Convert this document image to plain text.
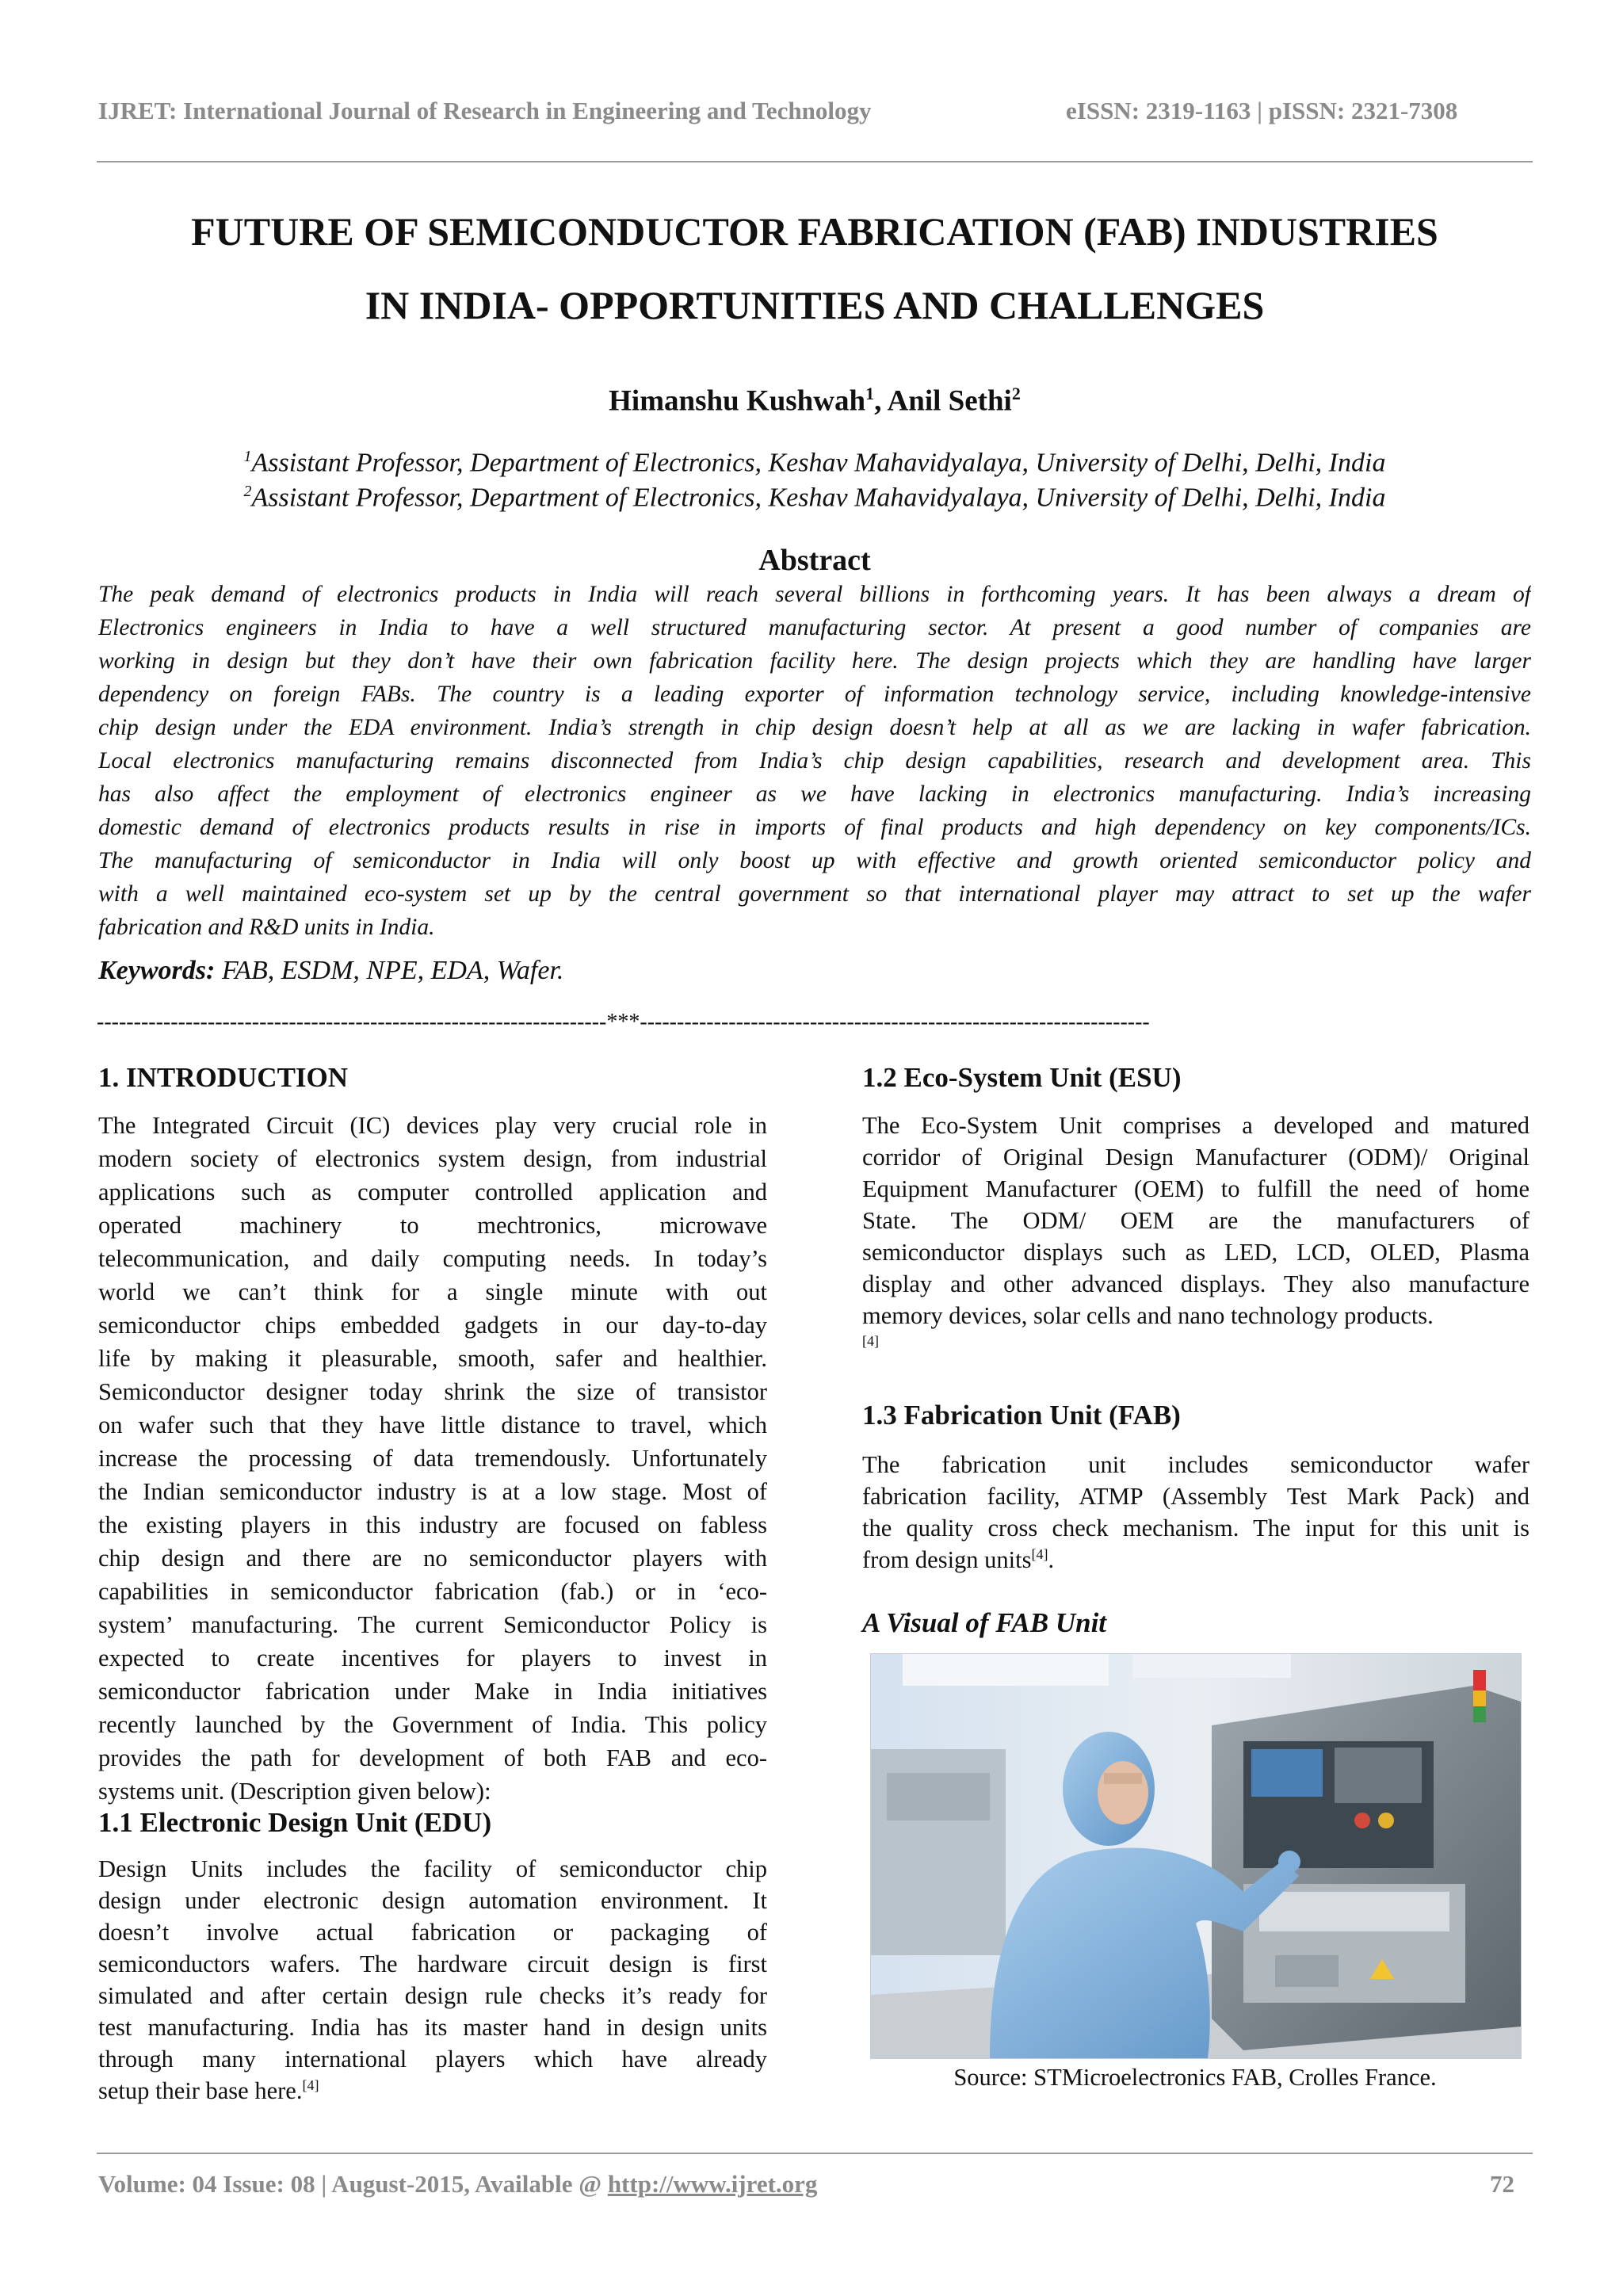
IJRET: International Journal of Research in Engineering and Technology	eISSN: 2319-1163 | pISSN: 2321-7308
FUTURE OF SEMICONDUCTOR FABRICATION (FAB) INDUSTRIES
IN INDIA- OPPORTUNITIES AND CHALLENGES
Himanshu Kushwah$^1$, Anil Sethi$^2$
$^1$Assistant Professor, Department of Electronics, Keshav Mahavidyalaya, University of Delhi, Delhi, India
$^2$Assistant Professor, Department of Electronics, Keshav Mahavidyalaya, University of Delhi, Delhi, India
Abstract
The peak demand of electronics products in India will reach several billions in forthcoming years. It has been always a dream of
Electronics engineers in India to have a well structured manufacturing sector. At present a good number of companies are
working in design but they don’t have their own fabrication facility here. The design projects which they are handling have larger
dependency on foreign FABs. The country is a leading exporter of information technology service, including knowledge-intensive
chip design under the EDA environment. India’s strength in chip design doesn’t help at all as we are lacking in wafer fabrication.
Local electronics manufacturing remains disconnected from India’s chip design capabilities, research and development area. This
has also affect the employment of electronics engineer as we have lacking in electronics manufacturing. India’s increasing
domestic demand of electronics products results in rise in imports of final products and high dependency on key components/ICs.
The manufacturing of semiconductor in India will only boost up with effective and growth oriented semiconductor policy and
with a well maintained eco-system set up by the central government so that international player may attract to set up the wafer
fabrication and R&D units in India.
Keywords: FAB, ESDM, NPE, EDA, Wafer.
---------------------------------------------------------------------***---------------------------------------------------------------------
1. INTRODUCTION
The Integrated Circuit (IC) devices play very crucial role in
modern society of electronics system design, from industrial
applications such as computer controlled application and
operated machinery to mechtronics, microwave
telecommunication, and daily computing needs. In today’s
world we can’t think for a single minute with out
semiconductor chips embedded gadgets in our day-to-day
life by making it pleasurable, smooth, safer and healthier.
Semiconductor designer today shrink the size of transistor
on wafer such that they have little distance to travel, which
increase the processing of data tremendously. Unfortunately
the Indian semiconductor industry is at a low stage. Most of
the existing players in this industry are focused on fabless
chip design and there are no semiconductor players with
capabilities in semiconductor fabrication (fab.) or in ‘eco-
system’ manufacturing. The current Semiconductor Policy is
expected to create incentives for players to invest in
semiconductor fabrication under Make in India initiatives
recently launched by the Government of India. This policy
provides the path for development of both FAB and eco-
systems unit. (Description given below):
1.1 Electronic Design Unit (EDU)
Design Units includes the facility of semiconductor chip
design under electronic design automation environment. It
doesn’t involve actual fabrication or packaging of
semiconductors wafers. The hardware circuit design is first
simulated and after certain design rule checks it’s ready for
test manufacturing. India has its master hand in design units
through many international players which have already
setup their base here.[4]
1.2 Eco-System Unit (ESU)
The Eco-System Unit comprises a developed and matured
corridor of Original Design Manufacturer (ODM)/ Original
Equipment Manufacturer (OEM) to fulfill the need of home
State. The ODM/ OEM are the manufacturers of
semiconductor displays such as LED, LCD, OLED, Plasma
display and other advanced displays. They also manufacture
memory devices, solar cells and nano technology products.
[4]
1.3 Fabrication Unit (FAB)
The fabrication unit includes semiconductor wafer
fabrication facility, ATMP (Assembly Test Mark Pack) and
the quality cross check mechanism. The input for this unit is
from design units[4].
A Visual of FAB Unit
Source: STMicroelectronics FAB, Crolles France.
Volume: 04 Issue: 08 | August-2015, Available @ http://www.ijret.org	72
